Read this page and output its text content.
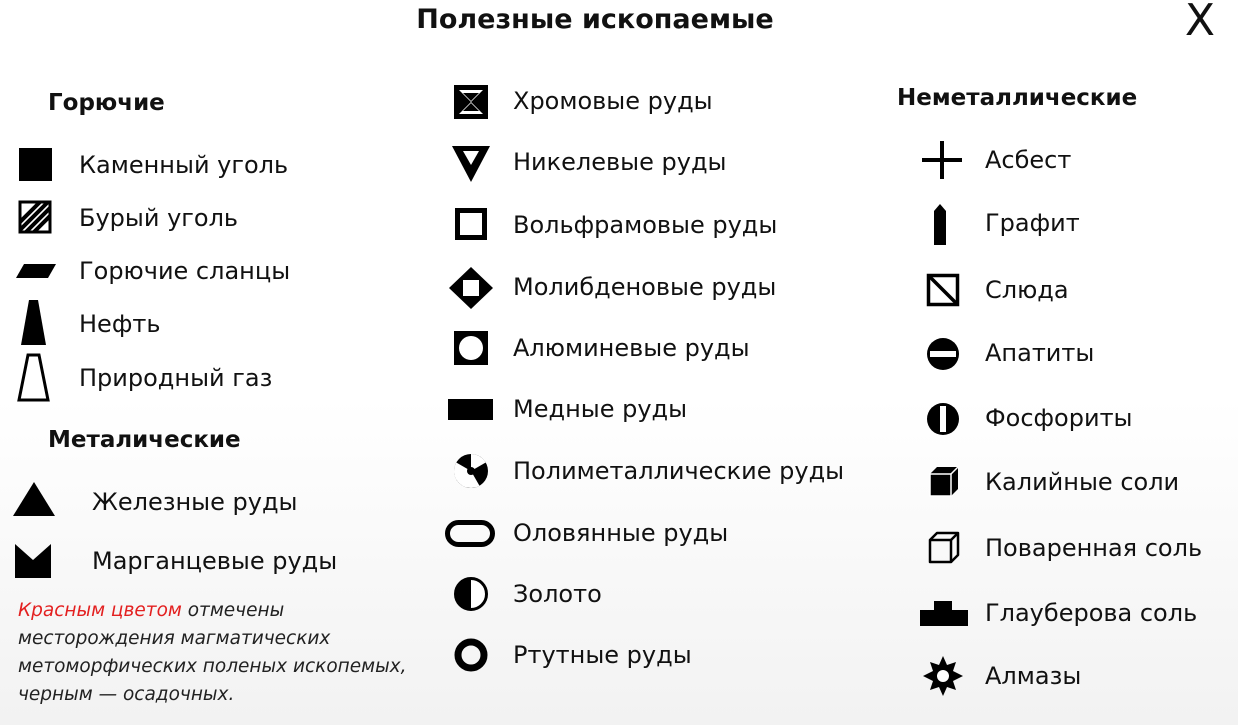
Полезные ископаемые	X
Горючие
Каменный уголь
Бурый уголь
Горючие сланцы
Нефть
Природный газ
Металические
Железные руды
Марганцевые руды
Хромовые руды
Никелевые руды
Вольфрамовые руды
Молибденовые руды
Алюминевые руды
Медные руды
Полиметаллические руды
Оловянные руды
Золото
Ртутные руды
Неметаллические
Асбест
Графит
Слюда
Апатиты
Фосфориты
Калийные соли
Поваренная соль
Глауберова соль
Алмазы
Красным цветом отмечены месторождения магматических метоморфических поленых ископемых, черным — осадочных.
